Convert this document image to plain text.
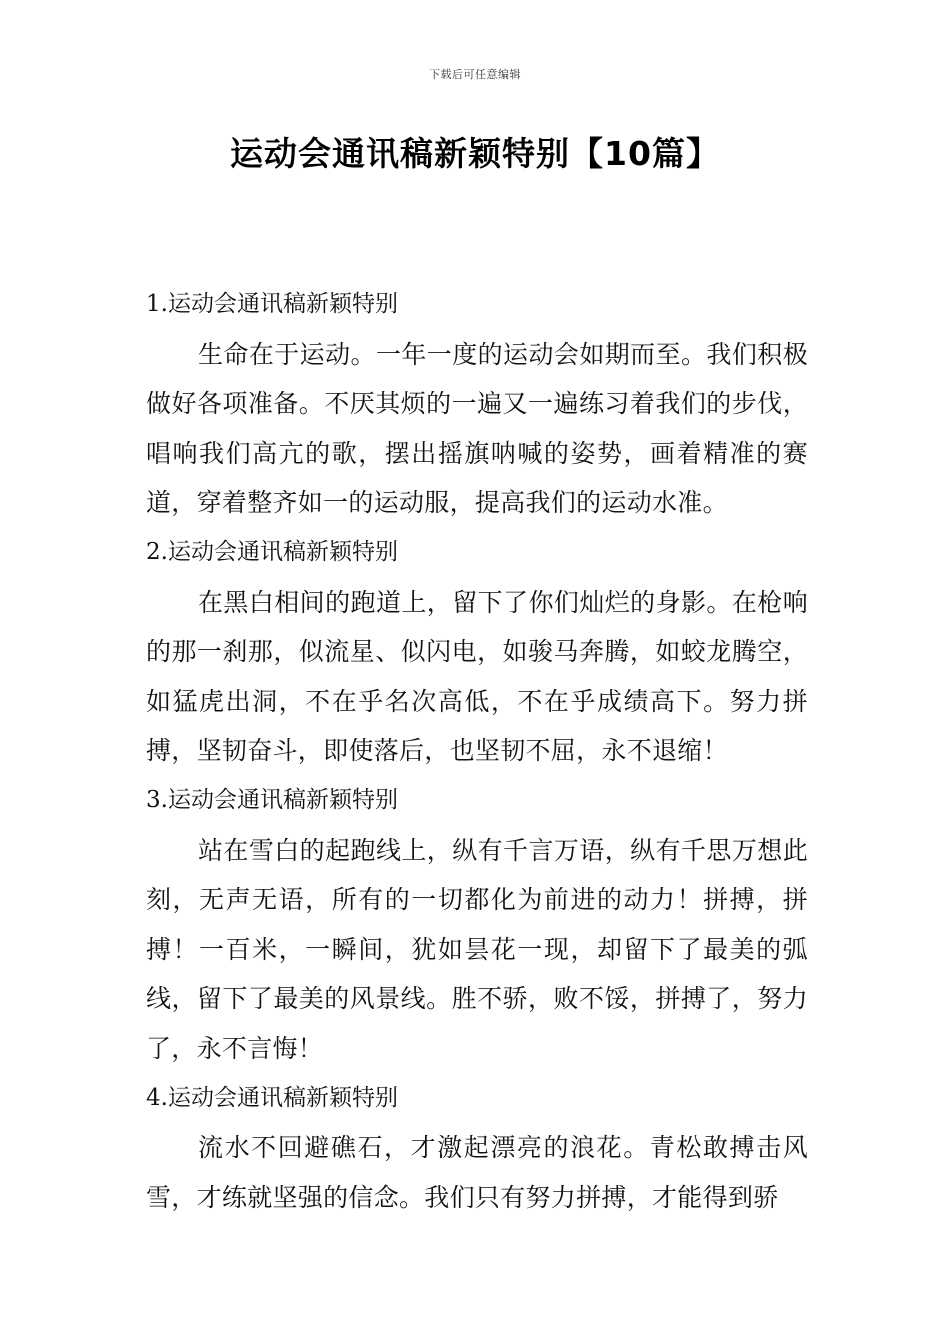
下载后可任意编辑
运动会通讯稿新颖特别【10篇】

1.运动会通讯稿新颖特别

生命在于运动。一年一度的运动会如期而至。我们积极做好各项准备。不厌其烦的一遍又一遍练习着我们的步伐，唱响我们高亢的歌，摆出摇旗呐喊的姿势，画着精准的赛道，穿着整齐如一的运动服，提高我们的运动水准。

2.运动会通讯稿新颖特别

在黑白相间的跑道上，留下了你们灿烂的身影。在枪响的那一刹那，似流星、似闪电，如骏马奔腾，如蛟龙腾空，如猛虎出洞，不在乎名次高低，不在乎成绩高下。努力拼搏，坚韧奋斗，即使落后，也坚韧不屈，永不退缩！

3.运动会通讯稿新颖特别

站在雪白的起跑线上，纵有千言万语，纵有千思万想此刻，无声无语，所有的一切都化为前进的动力！拼搏，拼搏！一百米，一瞬间，犹如昙花一现，却留下了最美的弧线，留下了最美的风景线。胜不骄，败不馁，拼搏了，努力了，永不言悔！

4.运动会通讯稿新颖特别

流水不回避礁石，才激起漂亮的浪花。青松敢搏击风雪，才练就坚强的信念。我们只有努力拼搏，才能得到骄
